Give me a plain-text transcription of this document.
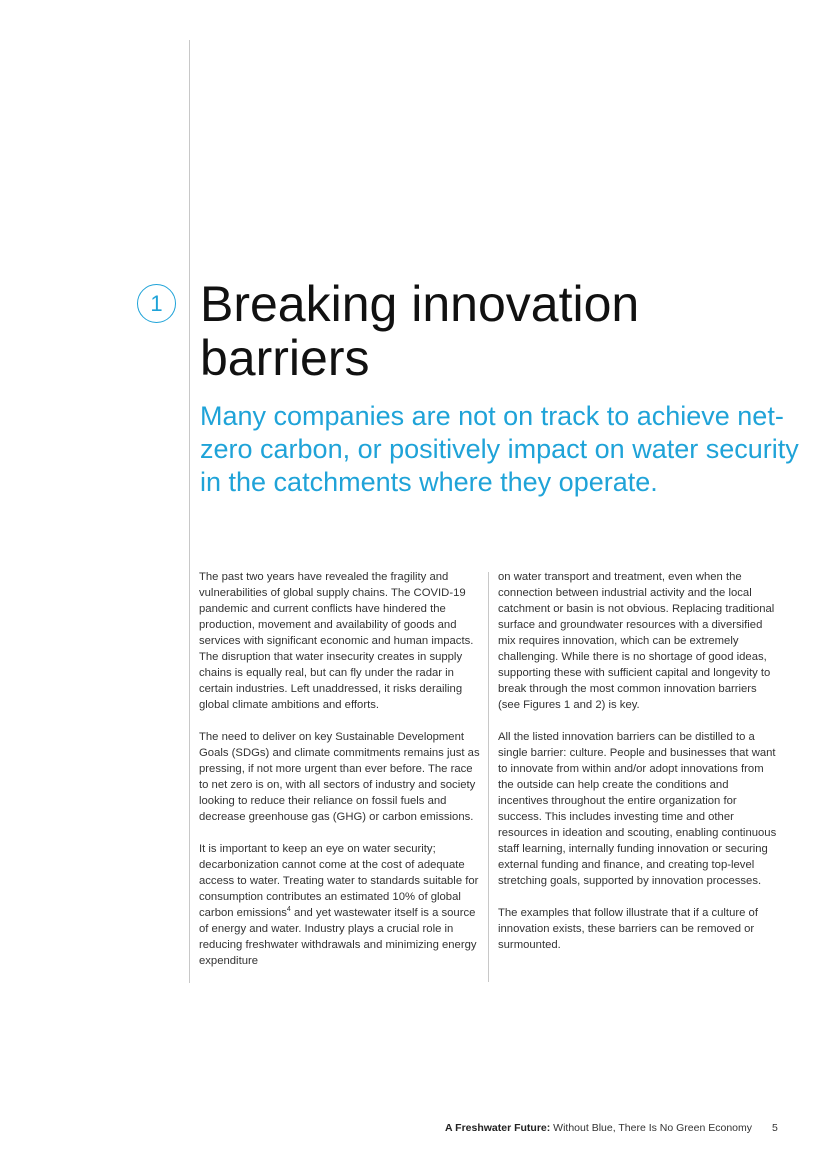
1 Breaking innovation barriers
Many companies are not on track to achieve net-zero carbon, or positively impact on water security in the catchments where they operate.

The past two years have revealed the fragility and vulnerabilities of global supply chains. The COVID-19 pandemic and current conflicts have hindered the production, movement and availability of goods and services with significant economic and human impacts. The disruption that water insecurity creates in supply chains is equally real, but can fly under the radar in certain industries. Left unaddressed, it risks derailing global climate ambitions and efforts.

The need to deliver on key Sustainable Development Goals (SDGs) and climate commitments remains just as pressing, if not more urgent than ever before. The race to net zero is on, with all sectors of industry and society looking to reduce their reliance on fossil fuels and decrease greenhouse gas (GHG) or carbon emissions.

It is important to keep an eye on water security; decarbonization cannot come at the cost of adequate access to water. Treating water to standards suitable for consumption contributes an estimated 10% of global carbon emissions$^4$ and yet wastewater itself is a source of energy and water. Industry plays a crucial role in reducing freshwater withdrawals and minimizing energy expenditure

on water transport and treatment, even when the connection between industrial activity and the local catchment or basin is not obvious. Replacing traditional surface and groundwater resources with a diversified mix requires innovation, which can be extremely challenging. While there is no shortage of good ideas, supporting these with sufficient capital and longevity to break through the most common innovation barriers (see Figures 1 and 2) is key.

All the listed innovation barriers can be distilled to a single barrier: culture. People and businesses that want to innovate from within and/or adopt innovations from the outside can help create the conditions and incentives throughout the entire organization for success. This includes investing time and other resources in ideation and scouting, enabling continuous staff learning, internally funding innovation or securing external funding and finance, and creating top-level stretching goals, supported by innovation processes.

The examples that follow illustrate that if a culture of innovation exists, these barriers can be removed or surmounted.

A Freshwater Future: Without Blue, There Is No Green Economy 5
